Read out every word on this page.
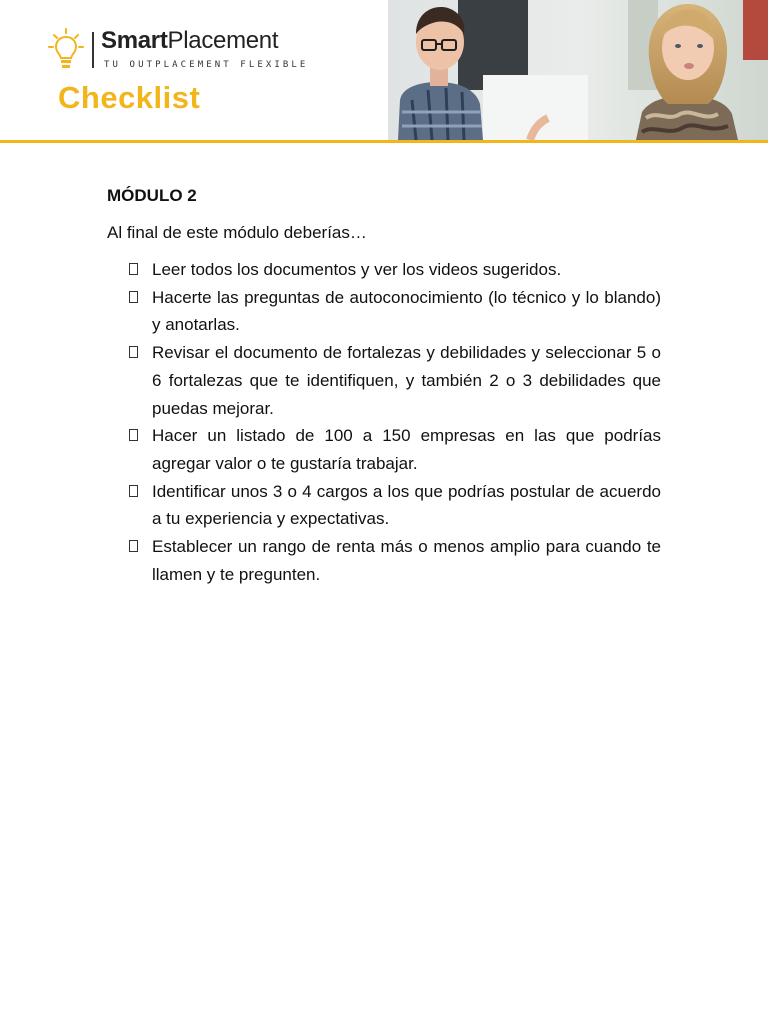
SmartPlacement
TU OUTPLACEMENT FLEXIBLE
Checklist

MÓDULO 2

Al final de este módulo deberías…

Leer todos los documentos y ver los videos sugeridos.
Hacerte las preguntas de autoconocimiento (lo técnico y lo blando) y anotarlas.
Revisar el documento de fortalezas y debilidades y seleccionar 5 o 6 fortalezas que te identifiquen, y también 2 o 3 debilidades que puedas mejorar.
Hacer un listado de 100 a 150 empresas en las que podrías agregar valor o te gustaría trabajar.
Identificar unos 3 o 4 cargos a los que podrías postular de acuerdo a tu experiencia y expectativas.
Establecer un rango de renta más o menos amplio para cuando te llamen y te pregunten.
